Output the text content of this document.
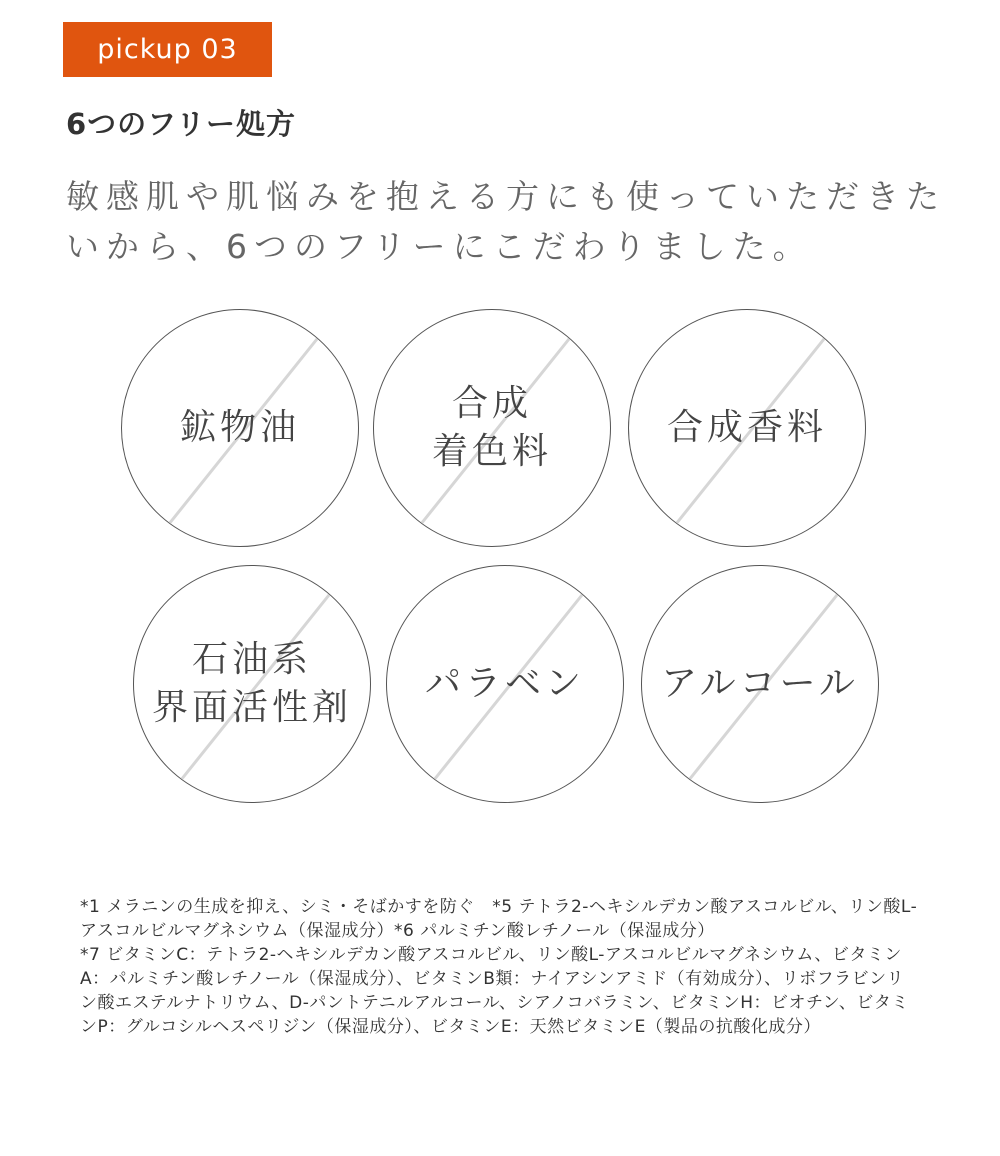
pickup 03
6つのフリー処方

敏感肌や肌悩みを抱える方にも使っていただきたいから、6つのフリーにこだわりました。

鉱物油
合成
着色料
合成香料
石油系
界面活性剤
パラベン	アルコール

*1 メラニンの生成を抑え、シミ・そばかすを防ぐ　*5 テトラ2-ヘキシルデカン酸アスコルビル、リン酸L-アスコルビルマグネシウム（保湿成分）*6 パルミチン酸レチノール（保湿成分）
*7 ビタミンC：テトラ2-ヘキシルデカン酸アスコルビル、リン酸L-アスコルビルマグネシウム、ビタミンA：パルミチン酸レチノール（保湿成分）、ビタミンB類：ナイアシンアミド（有効成分）、リボフラビンリン酸エステルナトリウム、D-パントテニルアルコール、シアノコバラミン、ビタミンH：ビオチン、ビタミンP：グルコシルヘスペリジン（保湿成分）、ビタミンE：天然ビタミンE（製品の抗酸化成分）
